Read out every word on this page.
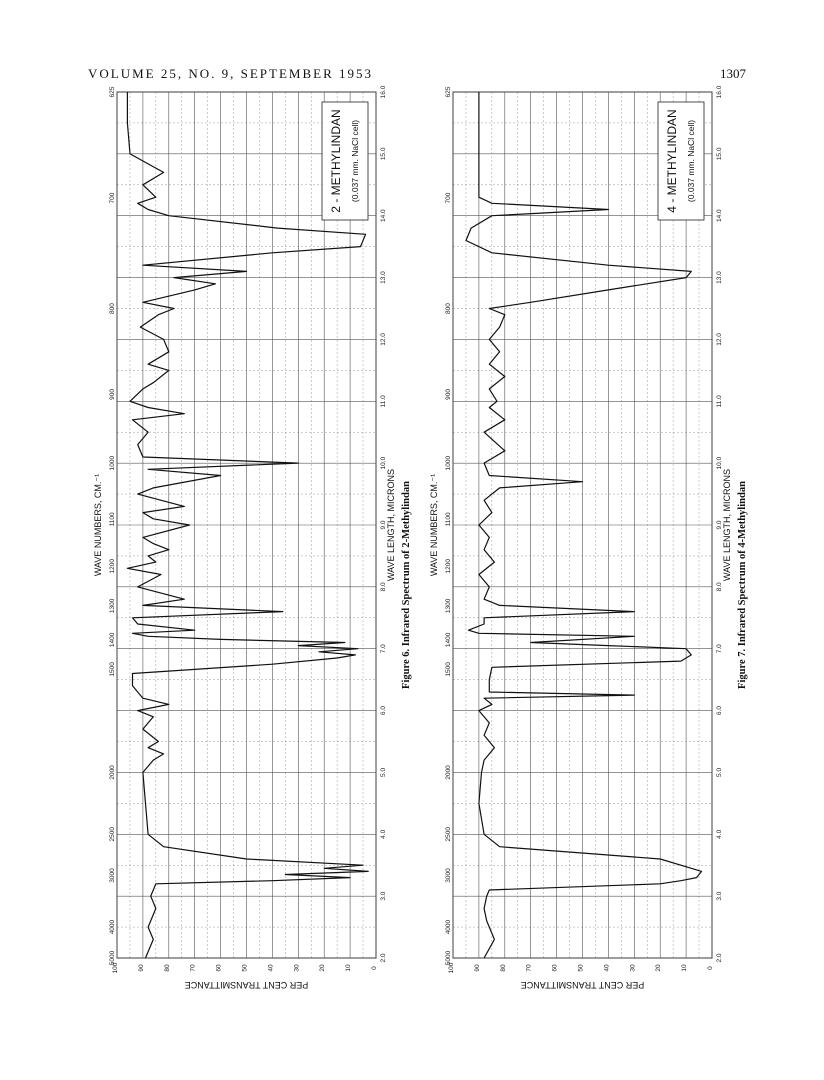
VOLUME 25, NO. 9, SEPTEMBER 1953	1307
5000
4000
3000
2500
2000
1500
1400
1300
1200
1100
1000
900
800
700
625
2.0
3.0
4.0
5.0
6.0
7.0
8.0
9.0
10.0
11.0
12.0
13.0
14.0
15.0
16.0
100	90	80	70	60	50	40	30	20	10	0
WAVE NUMBERS, CM.⁻¹	WAVE LENGTH, MICRONS
PER CENT TRANSMITTANCE
Figure 6. Infrared Spectrum of 2-Methylindan
2 - METHYLINDAN (0.037 mm. NaCl cell)
5000
4000
3000
2500
2000
1500
1400
1300
1200
1100
1000
900
800
700
625
2.0
3.0
4.0
5.0
6.0
7.0
8.0
9.0
10.0
11.0
12.0
13.0
14.0
15.0
16.0
100	90	80	70	60	50	40	30	20	10	0
WAVE NUMBERS, CM.⁻¹	WAVE LENGTH, MICRONS
PER CENT TRANSMITTANCE
Figure 7. Infrared Spectrum of 4-Methylindan
4 - METHYLINDAN (0.037 mm. NaCl cell)
